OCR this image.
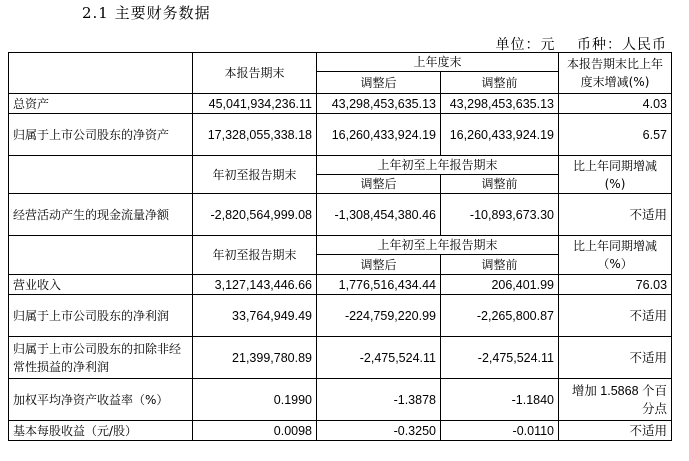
2.1 主要财务数据
单位：元 币种：人民币
	本报告期末	上年度末		本报告期末比上年度末增减(%)
		调整后	调整前	
总资产	45,041,934,236.11	43,298,453,635.13	43,298,453,635.13	4.03
归属于上市公司股东的净资产	17,328,055,338.18	16,260,433,924.19	16,260,433,924.19	6.57
	年初至报告期末	上年初至上年报告期末		比上年同期增减(%)
		调整后	调整前	
经营活动产生的现金流量净额	-2,820,564,999.08	-1,308,454,380.46	-10,893,673.30	不适用
	年初至报告期末	上年初至上年报告期末		比上年同期增减（%）
		调整后	调整前	
营业收入	3,127,143,446.66	1,776,516,434.44	206,401.99	76.03
归属于上市公司股东的净利润	33,764,949.49	-224,759,220.99	-2,265,800.87	不适用
归属于上市公司股东的扣除非经常性损益的净利润	21,399,780.89	-2,475,524.11	-2,475,524.11	不适用
加权平均净资产收益率（%）	0.1990	-1.3878	-1.1840	增加 1.5868 个百分点
基本每股收益（元/股）	0.0098	-0.3250	-0.0110	不适用
